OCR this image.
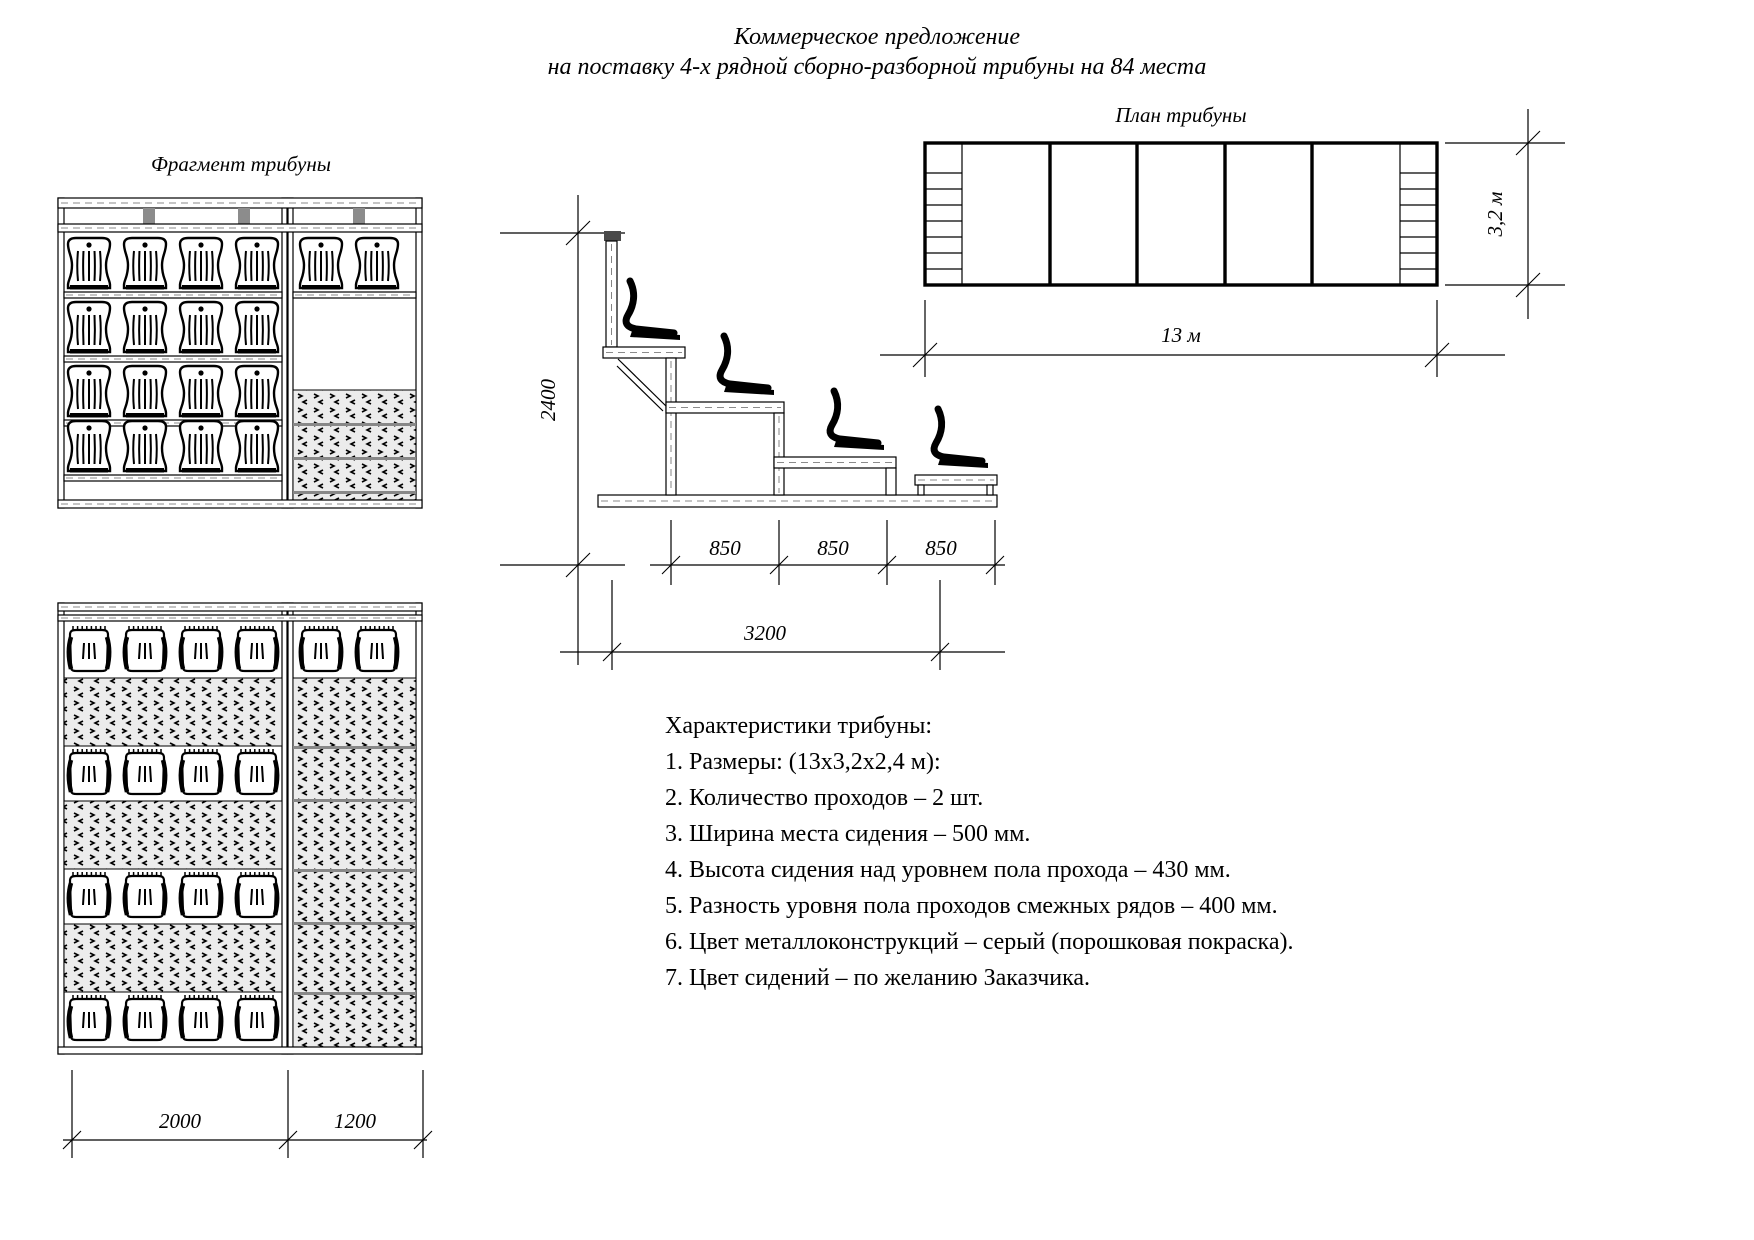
Коммерческое предложение
на поставку 4-х рядной сборно-разборной трибуны на 84 места
Фрагмент трибуны
План трибуны
2000	1200
2400
850	850	850
3200
3,2 м
13 м
Характеристики трибуны:
1. Размеры: (13х3,2х2,4 м):
2. Количество проходов – 2 шт.
3. Ширина места сидения – 500 мм.
4. Высота сидения над уровнем пола прохода – 430 мм.
5. Разность уровня пола проходов смежных рядов – 400 мм.
6. Цвет металлоконструкций – серый (порошковая покраска).
7. Цвет сидений – по желанию Заказчика.
